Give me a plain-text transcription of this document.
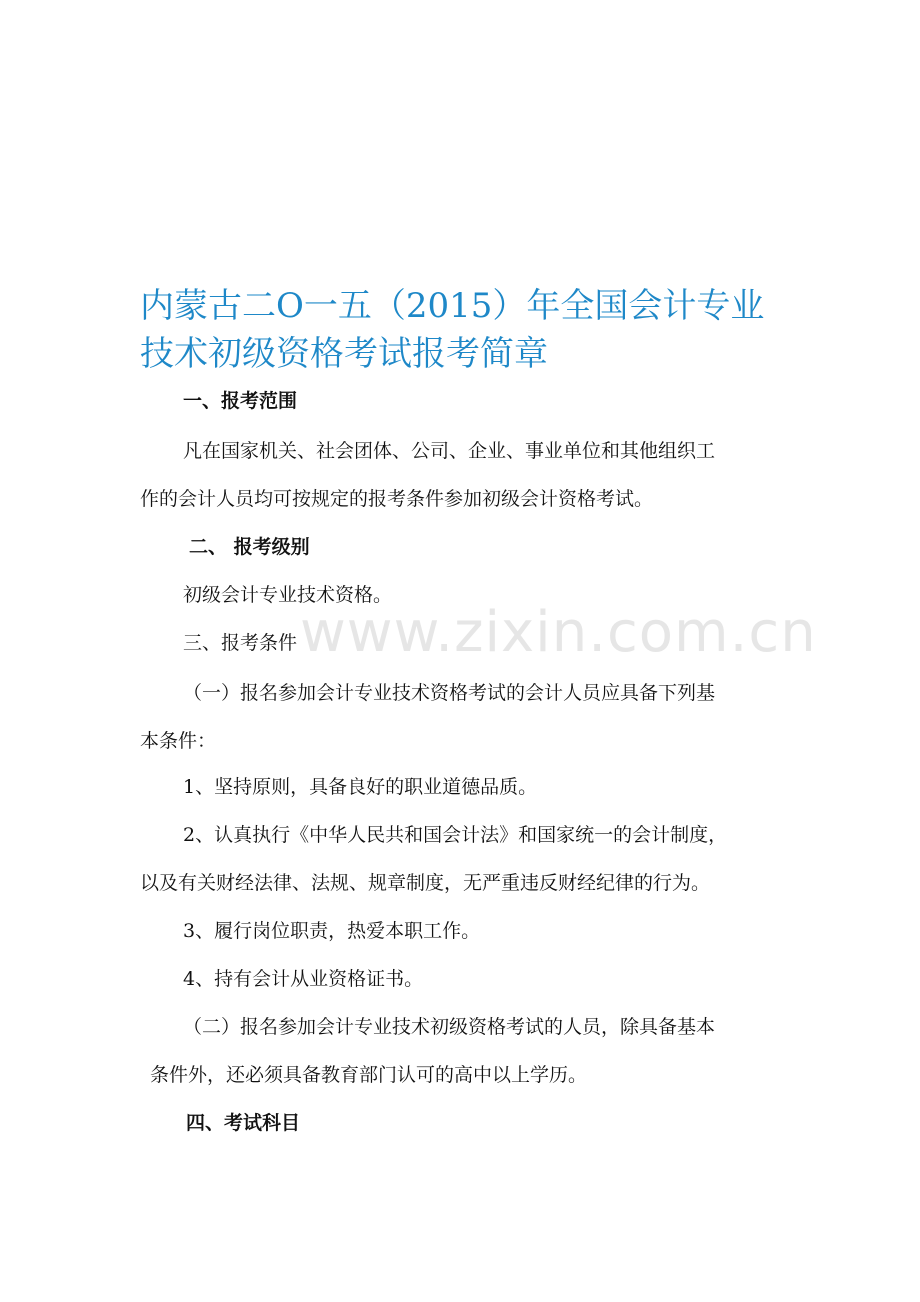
www.zixin.com.cn
内蒙古二O一五（2015）年全国会计专业技术初级资格考试报考简章

一、报考范围

凡在国家机关、社会团体、公司、企业、事业单位和其他组织工

作的会计人员均可按规定的报考条件参加初级会计资格考试。

二、 报考级别

初级会计专业技术资格。

三、报考条件

（一）报名参加会计专业技术资格考试的会计人员应具备下列基

本条件：

1、坚持原则，具备良好的职业道德品质。

2、认真执行《中华人民共和国会计法》和国家统一的会计制度，

以及有关财经法律、法规、规章制度，无严重违反财经纪律的行为。

3、履行岗位职责，热爱本职工作。

4、持有会计从业资格证书。

（二）报名参加会计专业技术初级资格考试的人员，除具备基本

条件外，还必须具备教育部门认可的高中以上学历。

四、考试科目
